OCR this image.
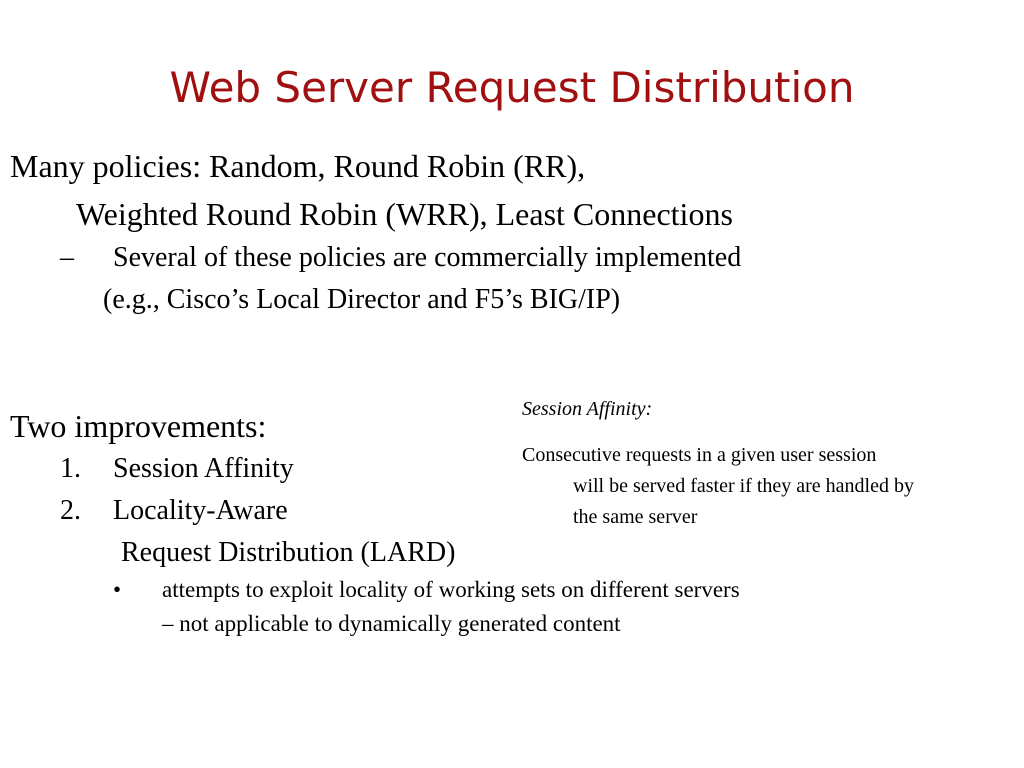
Web Server Request Distribution
Many policies: Random, Round Robin (RR),
Weighted Round Robin (WRR), Least Connections
– Several of these policies are commercially implemented
(e.g., Cisco’s Local Director and F5’s BIG/IP)
Two improvements:
1. Session Affinity
2. Locality-Aware
Request Distribution (LARD)
• attempts to exploit locality of working sets on different servers
– not applicable to dynamically generated content
Session Affinity:
Consecutive requests in a given user session
will be served faster if they are handled by
the same server
